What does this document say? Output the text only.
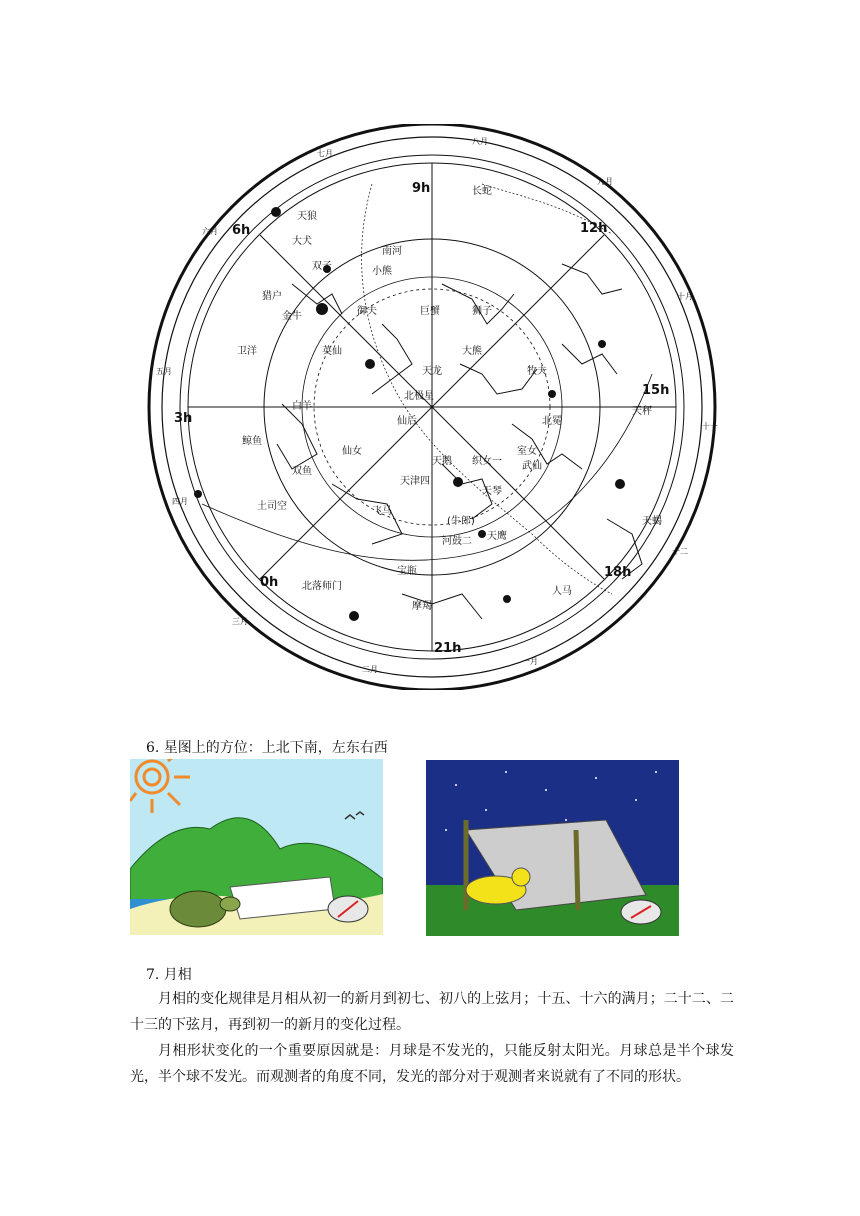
9h
12h
15h
18h
21h
0h
3h
6h
八月
九月
十月
十一
十二
一月
二月
三月
四月
五月
六月
七月
长蛇
巨蟹	狮子
大熊
室女
天秤
牧夫
北冕
武仙
天鹅
天琴
天鹰
人马
天蝎
摩羯
宝瓶
飞马
仙女
双鱼
鲸鱼
白羊
金牛
猎户
双子
大犬
天龙
小熊
仙后
英仙
御夫
北极星
天津四
织女一
河鼓二
(牛郎)
北落师门
土司空
卫洋
天狼
南河
6. 星图上的方位：上北下南，左东右西
7. 月相
月相的变化规律是月相从初一的新月到初七、初八的上弦月；十五、十六的满月；二十二、二十三的下弦月，再到初一的新月的变化过程。
月相形状变化的一个重要原因就是：月球是不发光的，只能反射太阳光。月球总是半个球发光，半个球不发光。而观测者的角度不同，发光的部分对于观测者来说就有了不同的形状。
